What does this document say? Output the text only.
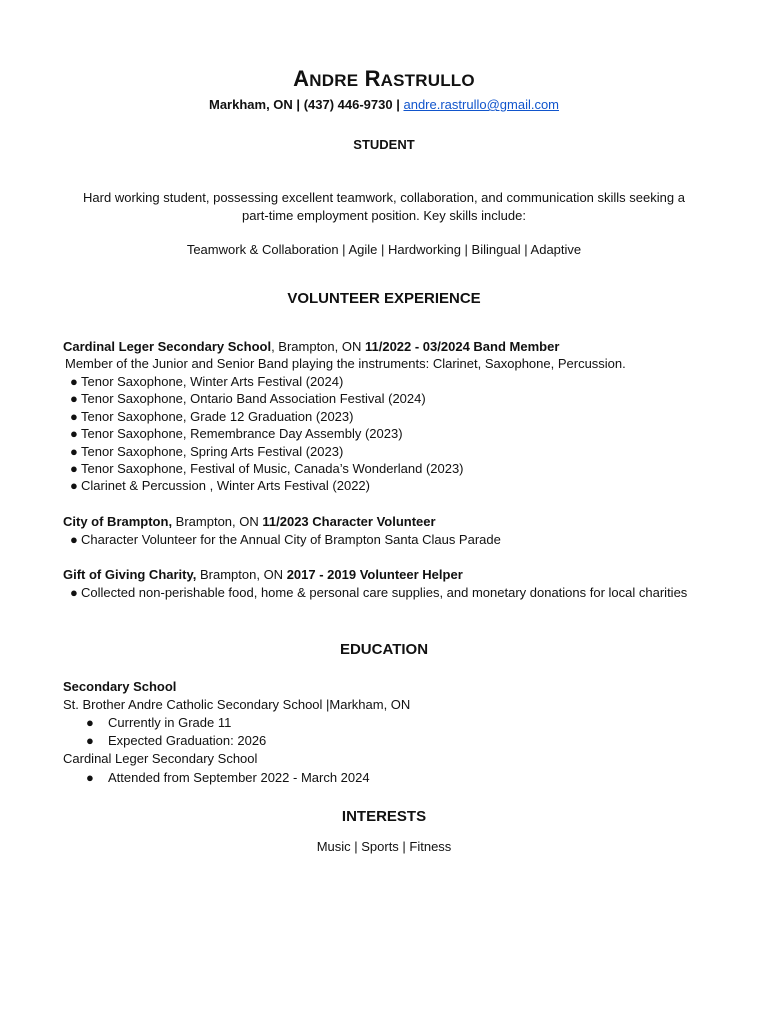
ANDRE RASTRULLO
Markham, ON | (437) 446-9730 | andre.rastrullo@gmail.com
STUDENT
Hard working student, possessing excellent teamwork, collaboration, and communication skills seeking a part-time employment position. Key skills include:
Teamwork & Collaboration | Agile | Hardworking | Bilingual | Adaptive
VOLUNTEER EXPERIENCE
Cardinal Leger Secondary School, Brampton, ON 11/2022 - 03/2024 Band Member
Member of the Junior and Senior Band playing the instruments: Clarinet, Saxophone, Percussion.
● Tenor Saxophone, Winter Arts Festival (2024)
● Tenor Saxophone, Ontario Band Association Festival (2024)
● Tenor Saxophone, Grade 12 Graduation (2023)
● Tenor Saxophone, Remembrance Day Assembly (2023)
● Tenor Saxophone, Spring Arts Festival (2023)
● Tenor Saxophone, Festival of Music, Canada’s Wonderland (2023)
● Clarinet & Percussion , Winter Arts Festival (2022)
City of Brampton, Brampton, ON 11/2023 Character Volunteer
● Character Volunteer for the Annual City of Brampton Santa Claus Parade
Gift of Giving Charity, Brampton, ON 2017 - 2019 Volunteer Helper
● Collected non-perishable food, home & personal care supplies, and monetary donations for local charities
EDUCATION
Secondary School
St. Brother Andre Catholic Secondary School |Markham, ON
● Currently in Grade 11
● Expected Graduation: 2026
Cardinal Leger Secondary School
● Attended from September 2022 - March 2024
INTERESTS
Music | Sports | Fitness
